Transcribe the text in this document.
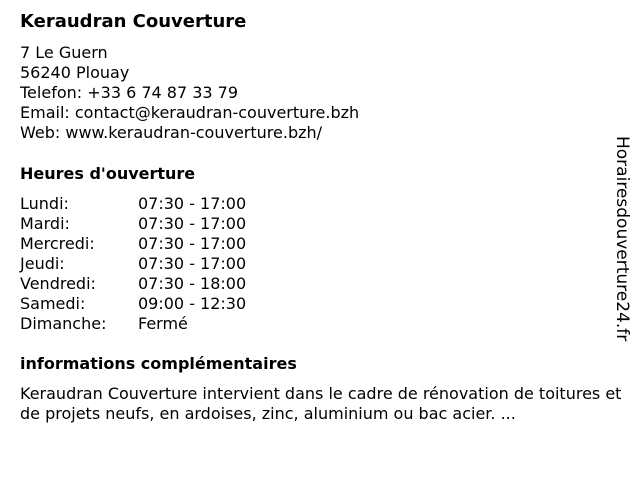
Keraudran Couverture
7 Le Guern
56240 Plouay
Telefon: +33 6 74 87 33 79
Email: contact@keraudran-couverture.bzh
Web: www.keraudran-couverture.bzh/
Heures d'ouverture
Lundi:	07:30 - 17:00
Mardi:	07:30 - 17:00
Mercredi:	07:30 - 17:00
Jeudi:	07:30 - 17:00
Vendredi:	07:30 - 18:00
Samedi:	09:00 - 12:30
Dimanche:	Fermé
informations complémentaires
Keraudran Couverture intervient dans le cadre de rénovation de toitures et de projets neufs, en ardoises, zinc, aluminium ou bac acier. ...
Horairesdouverture24.fr
